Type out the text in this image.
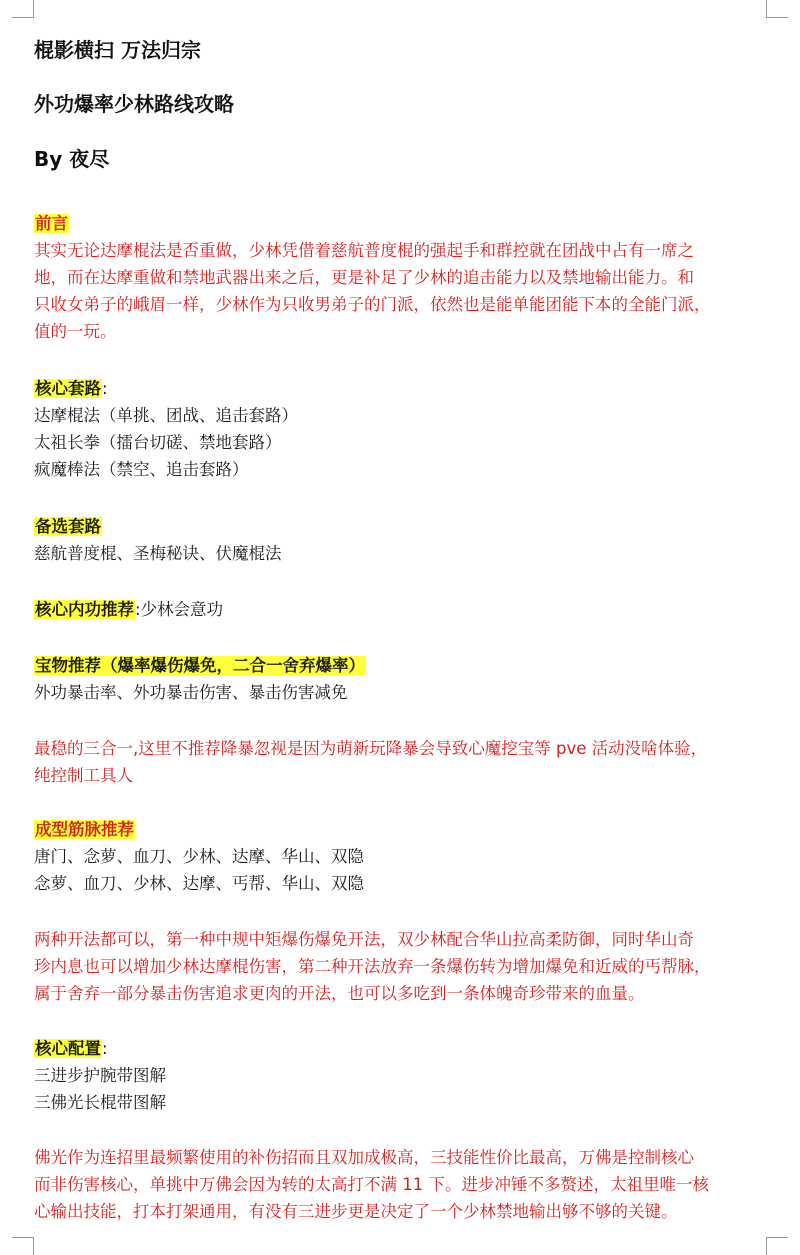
棍影横扫 万法归宗
外功爆率少林路线攻略
By 夜尽
前言
其实无论达摩棍法是否重做，少林凭借着慈航普度棍的强起手和群控就在团战中占有一席之
地，而在达摩重做和禁地武器出来之后，更是补足了少林的追击能力以及禁地输出能力。和
只收女弟子的峨眉一样，少林作为只收男弟子的门派，依然也是能单能团能下本的全能门派，
值的一玩。
核心套路:
达摩棍法（单挑、团战、追击套路）
太祖长拳（擂台切磋、禁地套路）
疯魔棒法（禁空、追击套路）
备选套路
慈航普度棍、圣梅秘诀、伏魔棍法
核心内功推荐:少林会意功
宝物推荐（爆率爆伤爆免，二合一舍弃爆率）
外功暴击率、外功暴击伤害、暴击伤害减免
最稳的三合一,这里不推荐降暴忽视是因为萌新玩降暴会导致心魔挖宝等 pve 活动没啥体验，
纯控制工具人
成型筋脉推荐
唐门、念萝、血刀、少林、达摩、华山、双隐
念萝、血刀、少林、达摩、丐帮、华山、双隐
两种开法都可以，第一种中规中矩爆伤爆免开法，双少林配合华山拉高柔防御，同时华山奇
珍内息也可以增加少林达摩棍伤害，第二种开法放弃一条爆伤转为增加爆免和近威的丐帮脉，
属于舍弃一部分暴击伤害追求更肉的开法，也可以多吃到一条体魄奇珍带来的血量。
核心配置:
三进步护腕带图解
三佛光长棍带图解
佛光作为连招里最频繁使用的补伤招而且双加成极高，三技能性价比最高，万佛是控制核心
而非伤害核心，单挑中万佛会因为转的太高打不满 11 下。进步冲锤不多赘述，太祖里唯一核
心输出技能，打本打架通用，有没有三进步更是决定了一个少林禁地输出够不够的关键。
